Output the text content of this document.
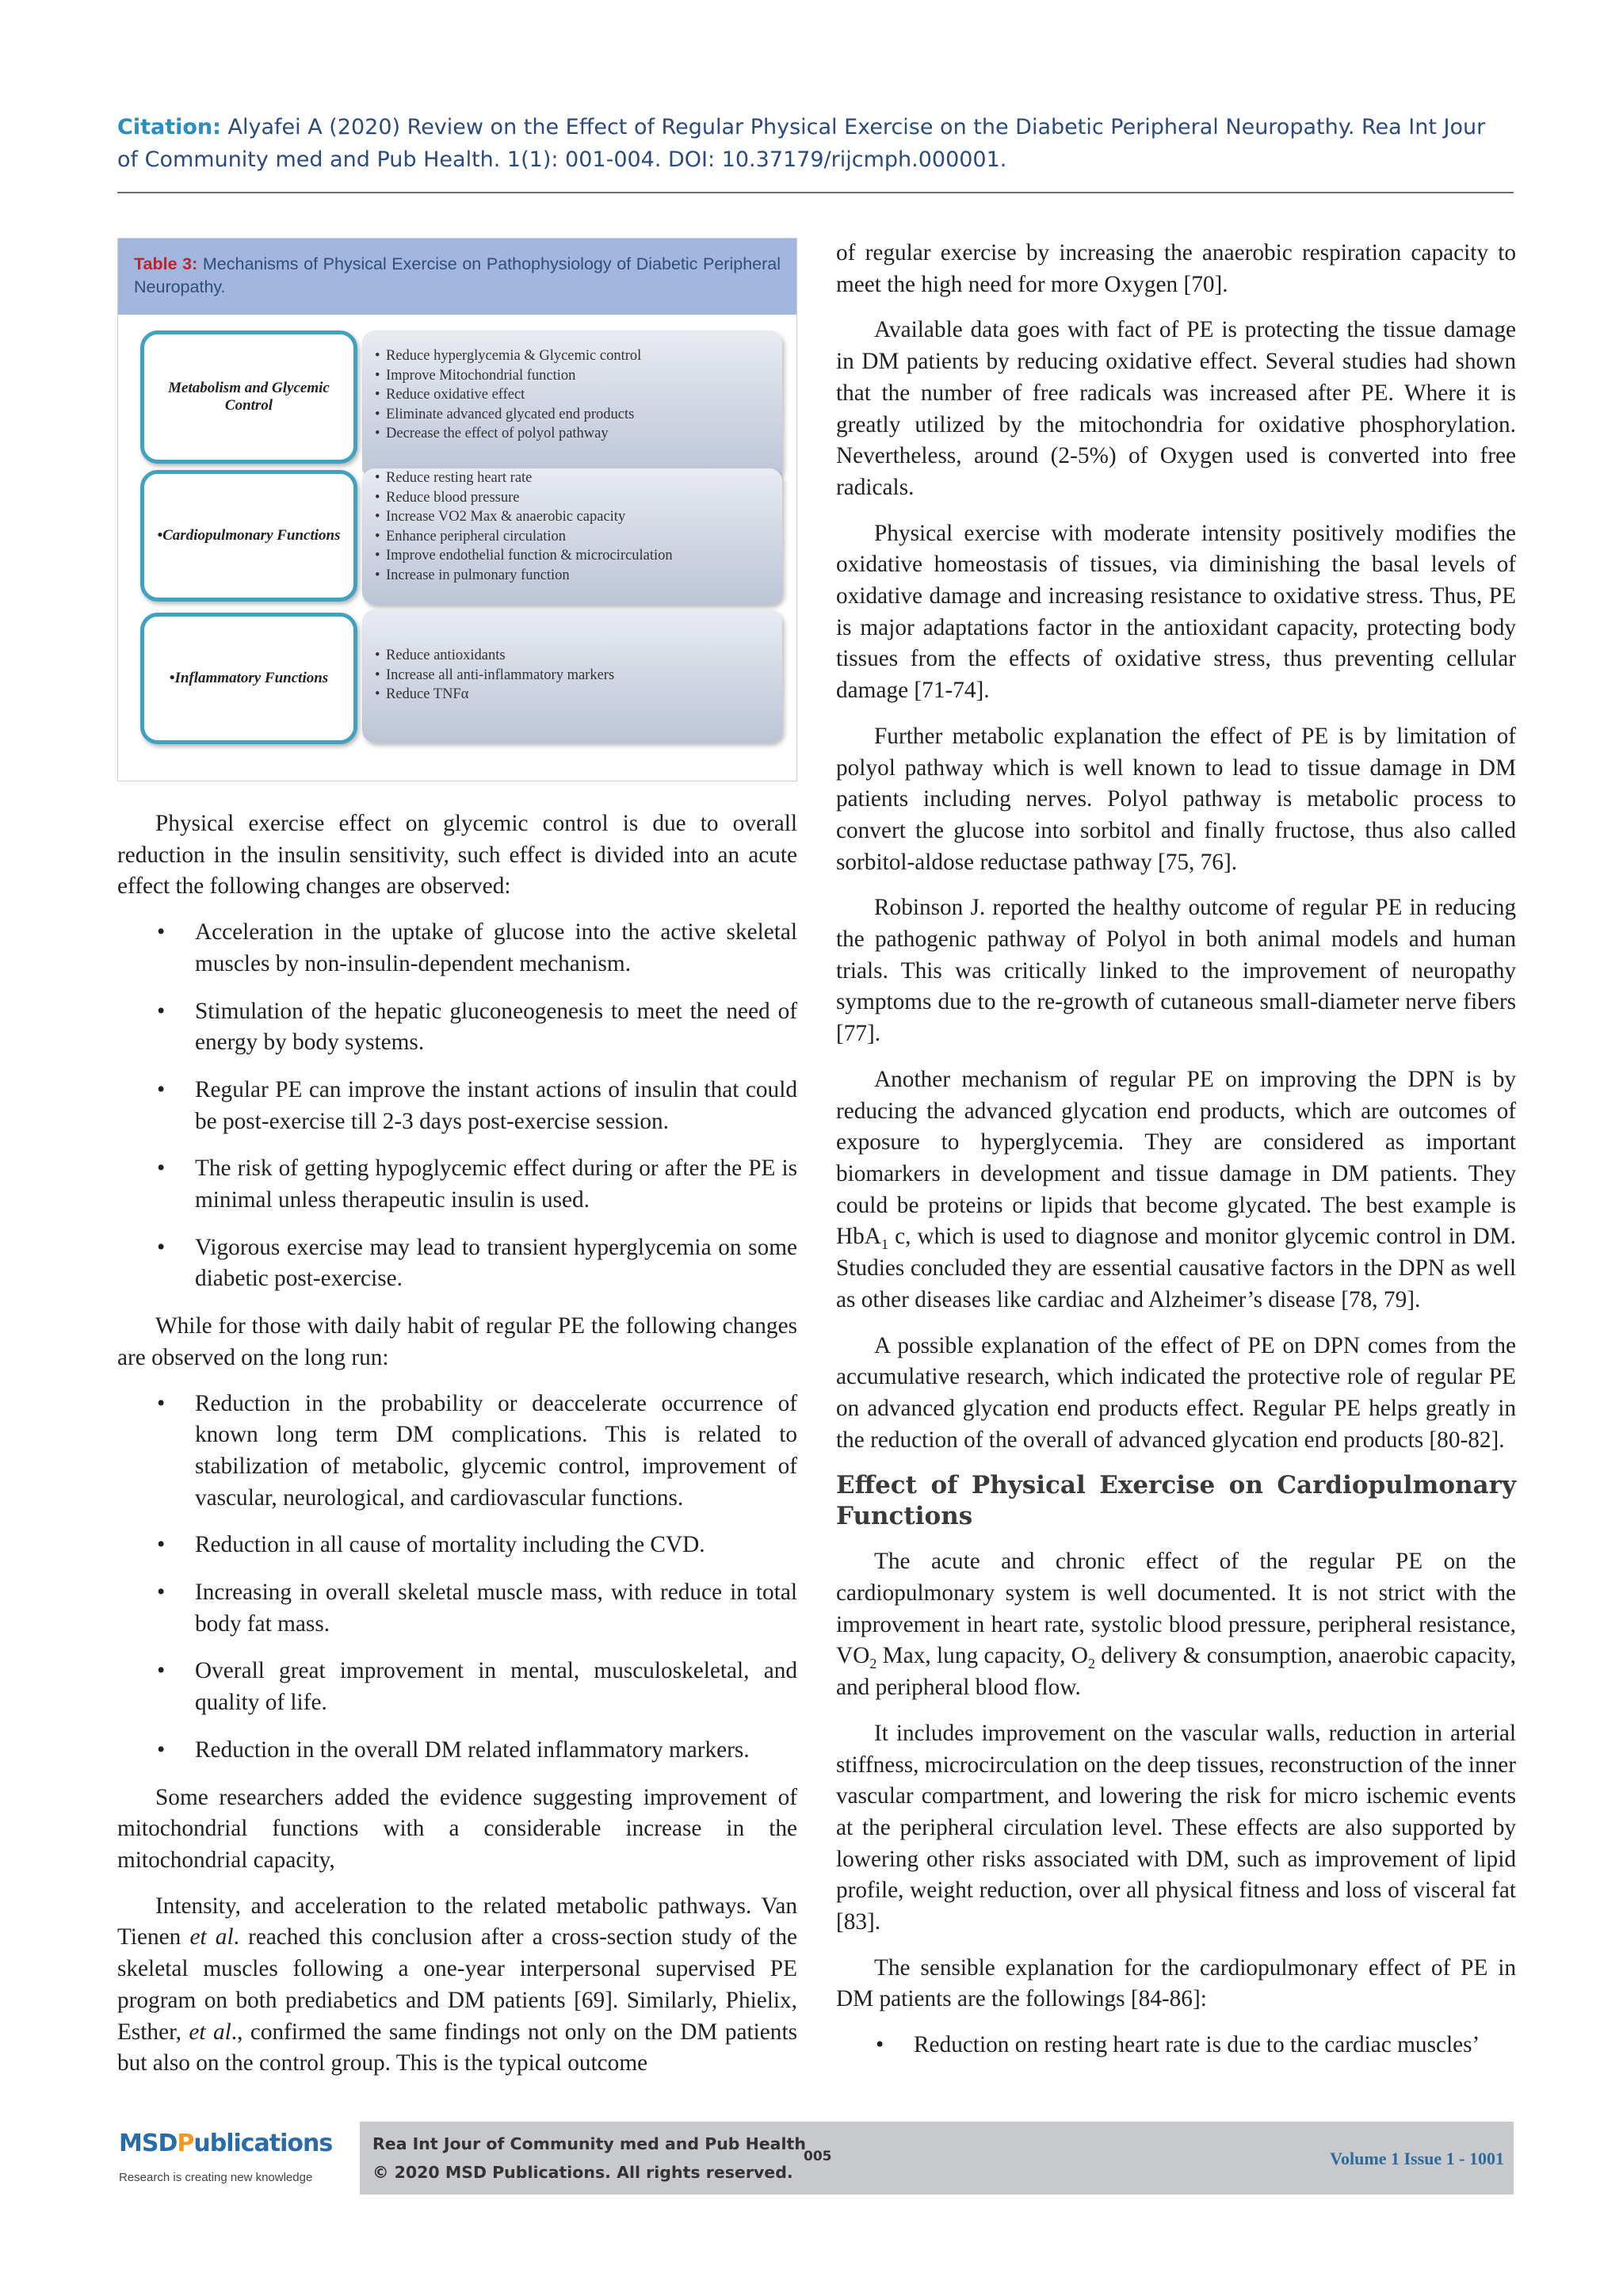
Citation: Alyafei A (2020) Review on the Effect of Regular Physical Exercise on the Diabetic Peripheral Neuropathy. Rea Int Jour of Community med and Pub Health. 1(1): 001-004. DOI: 10.37179/rijcmph.000001.
Table 3: Mechanisms of Physical Exercise on Pathophysiology of Diabetic Peripheral Neuropathy.
• Reduce hyperglycemia & Glycemic control
• Improve Mitochondrial function
• Reduce oxidative effect
• Eliminate advanced glycated end products
• Decrease the effect of polyol pathway
Metabolism and Glycemic Control
• Reduce resting heart rate
• Reduce blood pressure
• Increase VO2 Max & anaerobic capacity
• Enhance peripheral circulation
• Improve endothelial function & microcirculation
• Increase in pulmonary function
•Cardiopulmonary Functions
• Reduce antioxidants
• Increase all anti-inflammatory markers
• Reduce TNFα
•Inflammatory Functions

Physical exercise effect on glycemic control is due to overall reduction in the insulin sensitivity, such effect is divided into an acute effect the following changes are observed:

• Acceleration in the uptake of glucose into the active skeletal muscles by non-insulin-dependent mechanism.
• Stimulation of the hepatic gluconeogenesis to meet the need of energy by body systems.
• Regular PE can improve the instant actions of insulin that could be post-exercise till 2-3 days post-exercise session.
• The risk of getting hypoglycemic effect during or after the PE is minimal unless therapeutic insulin is used.
• Vigorous exercise may lead to transient hyperglycemia on some diabetic post-exercise.

While for those with daily habit of regular PE the following changes are observed on the long run:

• Reduction in the probability or deaccelerate occurrence of known long term DM complications. This is related to stabilization of metabolic, glycemic control, improvement of vascular, neurological, and cardiovascular functions.
• Reduction in all cause of mortality including the CVD.
• Increasing in overall skeletal muscle mass, with reduce in total body fat mass.
• Overall great improvement in mental, musculoskeletal, and quality of life.
• Reduction in the overall DM related inflammatory markers.

Some researchers added the evidence suggesting improvement of mitochondrial functions with a considerable increase in the mitochondrial capacity,

Intensity, and acceleration to the related metabolic pathways. Van Tienen et al. reached this conclusion after a cross-section study of the skeletal muscles following a one-year interpersonal supervised PE program on both prediabetics and DM patients [69]. Similarly, Phielix, Esther, et al., confirmed the same findings not only on the DM patients but also on the control group. This is the typical outcome

of regular exercise by increasing the anaerobic respiration capacity to meet the high need for more Oxygen [70].

Available data goes with fact of PE is protecting the tissue damage in DM patients by reducing oxidative effect. Several studies had shown that the number of free radicals was increased after PE. Where it is greatly utilized by the mitochondria for oxidative phosphorylation. Nevertheless, around (2-5%) of Oxygen used is converted into free radicals.

Physical exercise with moderate intensity positively modifies the oxidative homeostasis of tissues, via diminishing the basal levels of oxidative damage and increasing resistance to oxidative stress. Thus, PE is major adaptations factor in the antioxidant capacity, protecting body tissues from the effects of oxidative stress, thus preventing cellular damage [71-74].

Further metabolic explanation the effect of PE is by limitation of polyol pathway which is well known to lead to tissue damage in DM patients including nerves. Polyol pathway is metabolic process to convert the glucose into sorbitol and finally fructose, thus also called sorbitol-aldose reductase pathway [75, 76].

Robinson J. reported the healthy outcome of regular PE in reducing the pathogenic pathway of Polyol in both animal models and human trials. This was critically linked to the improvement of neuropathy symptoms due to the re-growth of cutaneous small-diameter nerve fibers [77].

Another mechanism of regular PE on improving the DPN is by reducing the advanced glycation end products, which are outcomes of exposure to hyperglycemia. They are considered as important biomarkers in development and tissue damage in DM patients. They could be proteins or lipids that become glycated. The best example is HbA$_1$ c, which is used to diagnose and monitor glycemic control in DM. Studies concluded they are essential causative factors in the DPN as well as other diseases like cardiac and Alzheimer’s disease [78, 79].

A possible explanation of the effect of PE on DPN comes from the accumulative research, which indicated the protective role of regular PE on advanced glycation end products effect. Regular PE helps greatly in the reduction of the overall of advanced glycation end products [80-82].

Effect of Physical Exercise on Cardiopulmonary Functions

The acute and chronic effect of the regular PE on the cardiopulmonary system is well documented. It is not strict with the improvement in heart rate, systolic blood pressure, peripheral resistance, $VO_2$ Max, lung capacity, $O_2$ delivery & consumption, anaerobic capacity, and peripheral blood flow.

It includes improvement on the vascular walls, reduction in arterial stiffness, microcirculation on the deep tissues, reconstruction of the inner vascular compartment, and lowering the risk for micro ischemic events at the peripheral circulation level. These effects are also supported by lowering other risks associated with DM, such as improvement of lipid profile, weight reduction, over all physical fitness and loss of visceral fat [83].

The sensible explanation for the cardiopulmonary effect of PE in DM patients are the followings [84-86]:

• Reduction on resting heart rate is due to the cardiac muscles’
MSDPublications
Research is creating new knowledge
Rea Int Jour of Community med and Pub Health
© 2020 MSD Publications. All rights reserved.
005	Volume 1 Issue 1 - 1001
